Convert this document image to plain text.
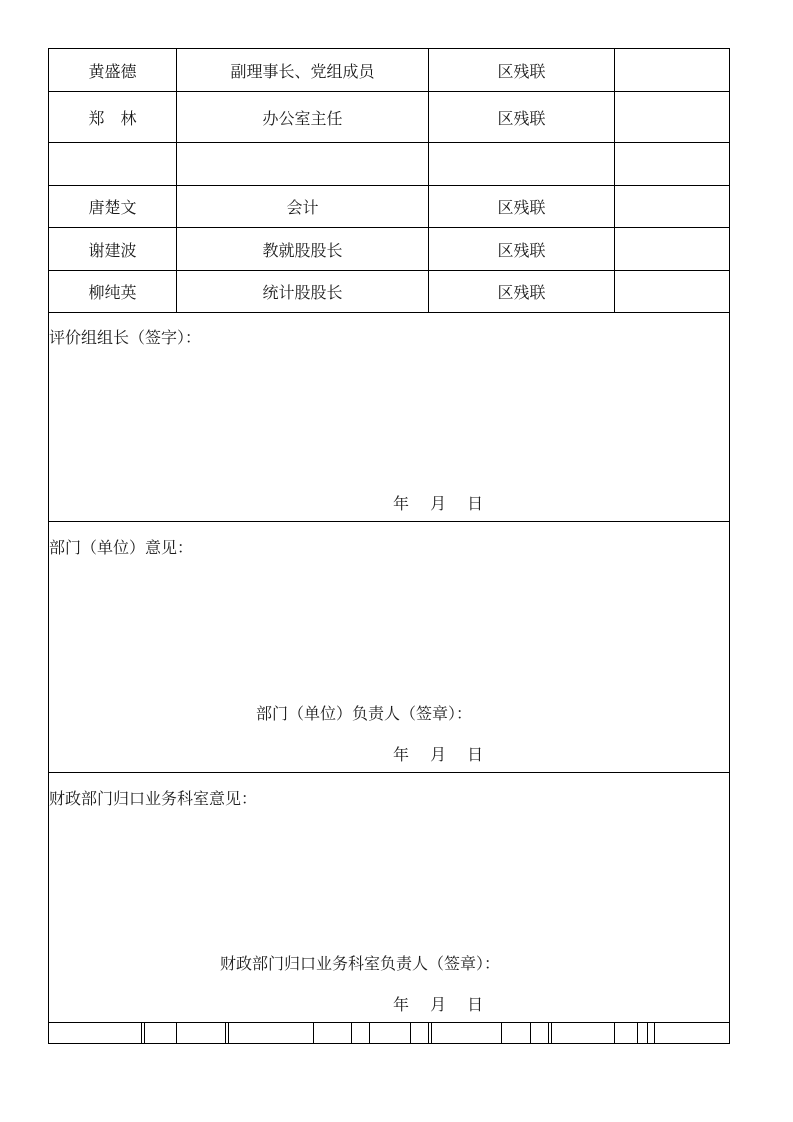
黄盛德	副理事长、党组成员	区残联
郑　林	办公室主任	区残联
唐楚文	会计	区残联
谢建波	教就股股长	区残联
柳纯英	统计股股长	区残联
评价组组长（签字）：
年　 月　 日
部门（单位）意见：
部门（单位）负责人（签章）：
年　 月　 日
财政部门归口业务科室意见：
财政部门归口业务科室负责人（签章）：
年　 月　 日
